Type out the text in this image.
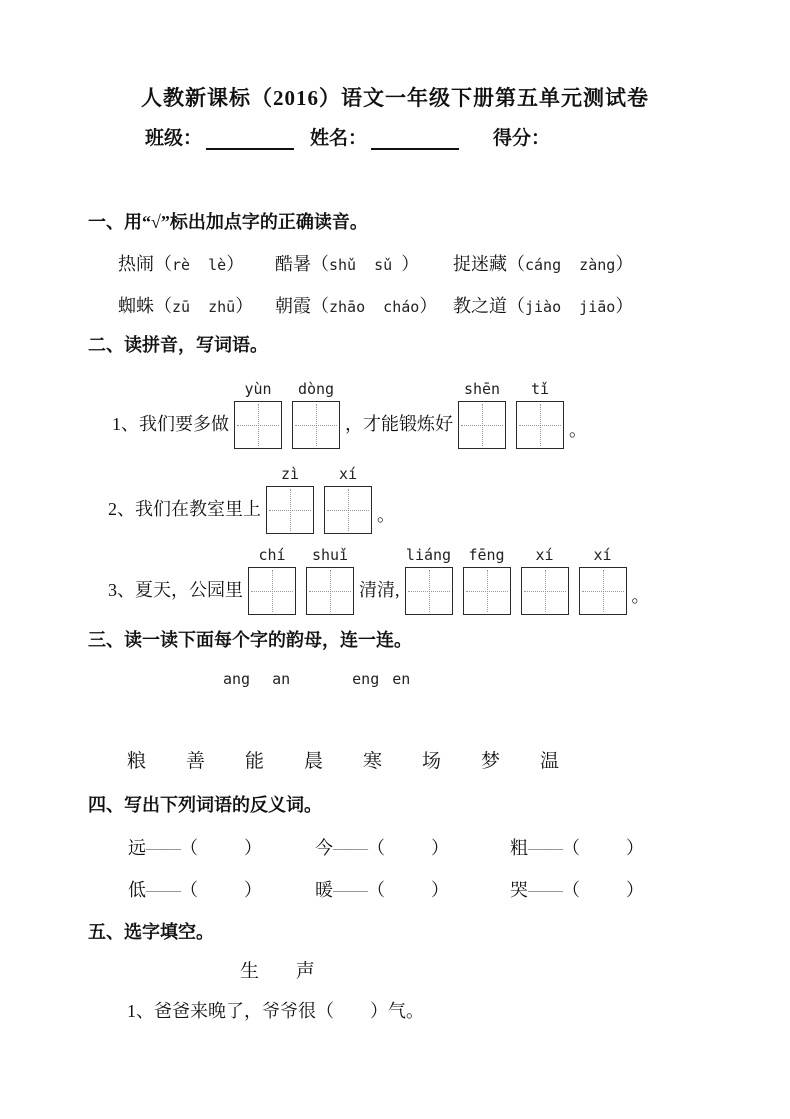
人教新课标（2016）语文一年级下册第五单元测试卷
班级：	姓名：	得分：
一、用“√”标出加点字的正确读音。
热闹（rè  lè） 酷暑（shǔ  sǔ ） 捉迷藏（cáng  zàng）
蜘蛛（zū  zhū） 朝霞（zhāo  cháo） 教之道（jiào  jiāo）
二、读拼音，写词语。
1、我们要多做
yùn dòng
，才能锻炼好
shēn tǐ
。
2、我们在教室里上
zì	xí
。
3、夏天，公园里
chí shuǐ
清清,
liáng fēng xí	xí
。
三、读一读下面每个字的韵母，连一连。
ang an	eng en
粮 善 能 晨 寒 场 梦 温
四、写出下列词语的反义词。
远——（	）	今——（	）	粗——（	）
低——（	）	暖——（	）	哭——（	）
五、选字填空。
生 声
1、爸爸来晚了，爷爷很（　　）气。
